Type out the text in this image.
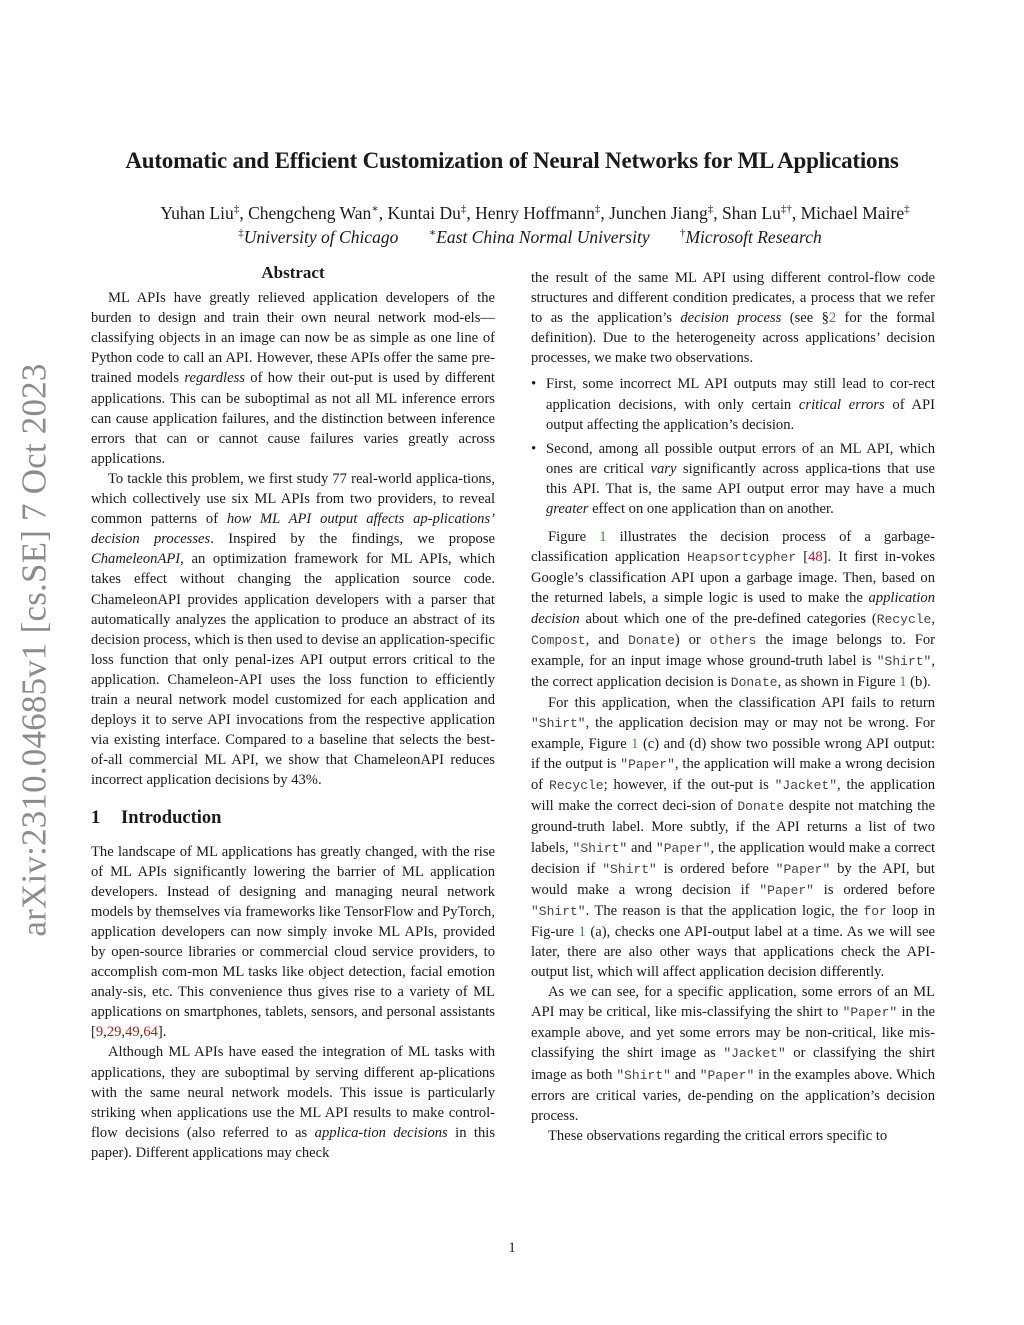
arXiv:2310.04685v1 [cs.SE] 7 Oct 2023
Automatic and Efficient Customization of Neural Networks for ML Applications
Yuhan Liu‡, Chengcheng Wan∗, Kuntai Du‡, Henry Hoffmann‡, Junchen Jiang‡, Shan Lu‡†, Michael Maire‡
‡University of Chicago	∗East China Normal University	†Microsoft Research
Abstract

ML APIs have greatly relieved application developers of the burden to design and train their own neural network mod-els—classifying objects in an image can now be as simple as one line of Python code to call an API. However, these APIs offer the same pre-trained models regardless of how their out-put is used by different applications. This can be suboptimal as not all ML inference errors can cause application failures, and the distinction between inference errors that can or cannot cause failures varies greatly across applications.

To tackle this problem, we first study 77 real-world applica-tions, which collectively use six ML APIs from two providers, to reveal common patterns of how ML API output affects ap-plications’ decision processes. Inspired by the findings, we propose ChameleonAPI, an optimization framework for ML APIs, which takes effect without changing the application source code. ChameleonAPI provides application developers with a parser that automatically analyzes the application to produce an abstract of its decision process, which is then used to devise an application-specific loss function that only penal-izes API output errors critical to the application. Chameleon-API uses the loss function to efficiently train a neural network model customized for each application and deploys it to serve API invocations from the respective application via existing interface. Compared to a baseline that selects the best-of-all commercial ML API, we show that ChameleonAPI reduces incorrect application decisions by 43%.

1 Introduction

The landscape of ML applications has greatly changed, with the rise of ML APIs significantly lowering the barrier of ML application developers. Instead of designing and managing neural network models by themselves via frameworks like TensorFlow and PyTorch, application developers can now simply invoke ML APIs, provided by open-source libraries or commercial cloud service providers, to accomplish com-mon ML tasks like object detection, facial emotion analy-sis, etc. This convenience thus gives rise to a variety of ML applications on smartphones, tablets, sensors, and personal assistants [9,29,49,64].

Although ML APIs have eased the integration of ML tasks with applications, they are suboptimal by serving different ap-plications with the same neural network models. This issue is particularly striking when applications use the ML API results to make control-flow decisions (also referred to as applica-tion decisions in this paper). Different applications may check

the result of the same ML API using different control-flow code structures and different condition predicates, a process that we refer to as the application’s decision process (see §2 for the formal definition). Due to the heterogeneity across applications’ decision processes, we make two observations.

• First, some incorrect ML API outputs may still lead to cor-rect application decisions, with only certain critical errors of API output affecting the application’s decision.
• Second, among all possible output errors of an ML API, which ones are critical vary significantly across applica-tions that use this API. That is, the same API output error may have a much greater effect on one application than on another.

Figure 1 illustrates the decision process of a garbage-classification application Heapsortcypher [48]. It first in-vokes Google’s classification API upon a garbage image. Then, based on the returned labels, a simple logic is used to make the application decision about which one of the pre-defined categories (Recycle, Compost, and Donate) or others the image belongs to. For example, for an input image whose ground-truth label is "Shirt", the correct application decision is Donate, as shown in Figure 1 (b).

For this application, when the classification API fails to return "Shirt", the application decision may or may not be wrong. For example, Figure 1 (c) and (d) show two possible wrong API output: if the output is "Paper", the application will make a wrong decision of Recycle; however, if the out-put is "Jacket", the application will make the correct deci-sion of Donate despite not matching the ground-truth label. More subtly, if the API returns a list of two labels, "Shirt" and "Paper", the application would make a correct decision if "Shirt" is ordered before "Paper" by the API, but would make a wrong decision if "Paper" is ordered before "Shirt". The reason is that the application logic, the for loop in Fig-ure 1 (a), checks one API-output label at a time. As we will see later, there are also other ways that applications check the API-output list, which will affect application decision differently.

As we can see, for a specific application, some errors of an ML API may be critical, like mis-classifying the shirt to "Paper" in the example above, and yet some errors may be non-critical, like mis-classifying the shirt image as "Jacket" or classifying the shirt image as both "Shirt" and "Paper" in the examples above. Which errors are critical varies, de-pending on the application’s decision process.

These observations regarding the critical errors specific to

1
